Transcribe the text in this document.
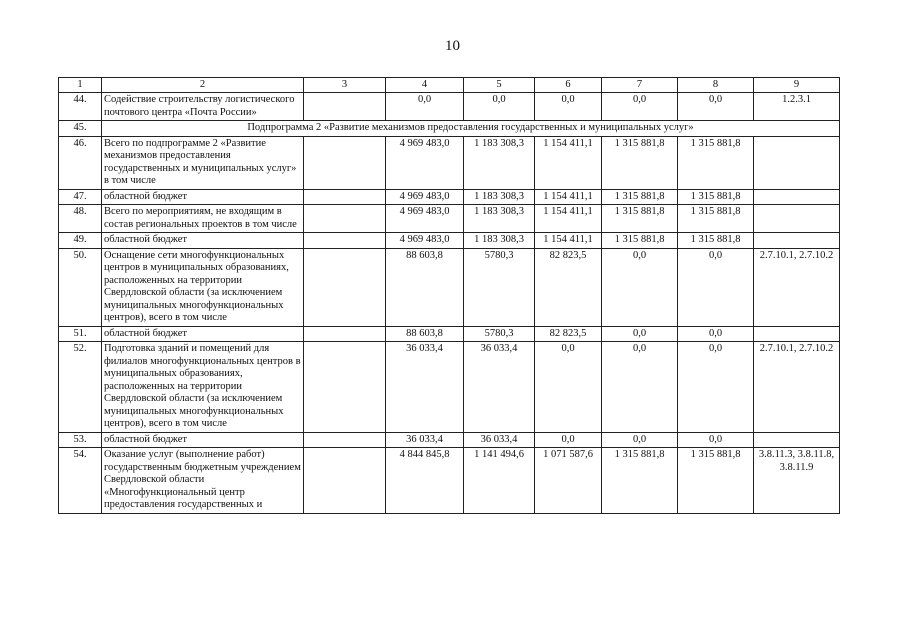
10
1	2	3	4	5	6	7	8	9
44.	Содействие строительству логистического почтового центра «Почта России»		0,0	0,0	0,0	0,0	0,0	1.2.3.1
45.	Подпрограмма 2 «Развитие механизмов предоставления государственных и муниципальных услуг»							
46.	Всего по подпрограмме 2 «Развитие механизмов предоставления государственных и муниципальных услуг» в том числе		4 969 483,0	1 183 308,3	1 154 411,1	1 315 881,8	1 315 881,8	
47.	областной бюджет		4 969 483,0	1 183 308,3	1 154 411,1	1 315 881,8	1 315 881,8	
48.	Всего по мероприятиям, не входящим в состав региональных проектов в том числе		4 969 483,0	1 183 308,3	1 154 411,1	1 315 881,8	1 315 881,8	
49.	областной бюджет		4 969 483,0	1 183 308,3	1 154 411,1	1 315 881,8	1 315 881,8	
50.	Оснащение сети многофункциональных центров в муниципальных образованиях, расположенных на территории Свердловской области (за исключением муниципальных многофункциональных центров), всего в том числе		88 603,8	5780,3	82 823,5	0,0	0,0	2.7.10.1, 2.7.10.2
51.	областной бюджет		88 603,8	5780,3	82 823,5	0,0	0,0	
52.	Подготовка зданий и помещений для филиалов многофункциональных центров в муниципальных образованиях, расположенных на территории Свердловской области (за исключением муниципальных многофункциональных центров), всего в том числе		36 033,4	36 033,4	0,0	0,0	0,0	2.7.10.1, 2.7.10.2
53.	областной бюджет		36 033,4	36 033,4	0,0	0,0	0,0	
54.	Оказание услуг (выполнение работ) государственным бюджетным учреждением Свердловской области «Многофункциональный центр предоставления государственных и		4 844 845,8	1 141 494,6	1 071 587,6	1 315 881,8	1 315 881,8	3.8.11.3, 3.8.11.8, 3.8.11.9
